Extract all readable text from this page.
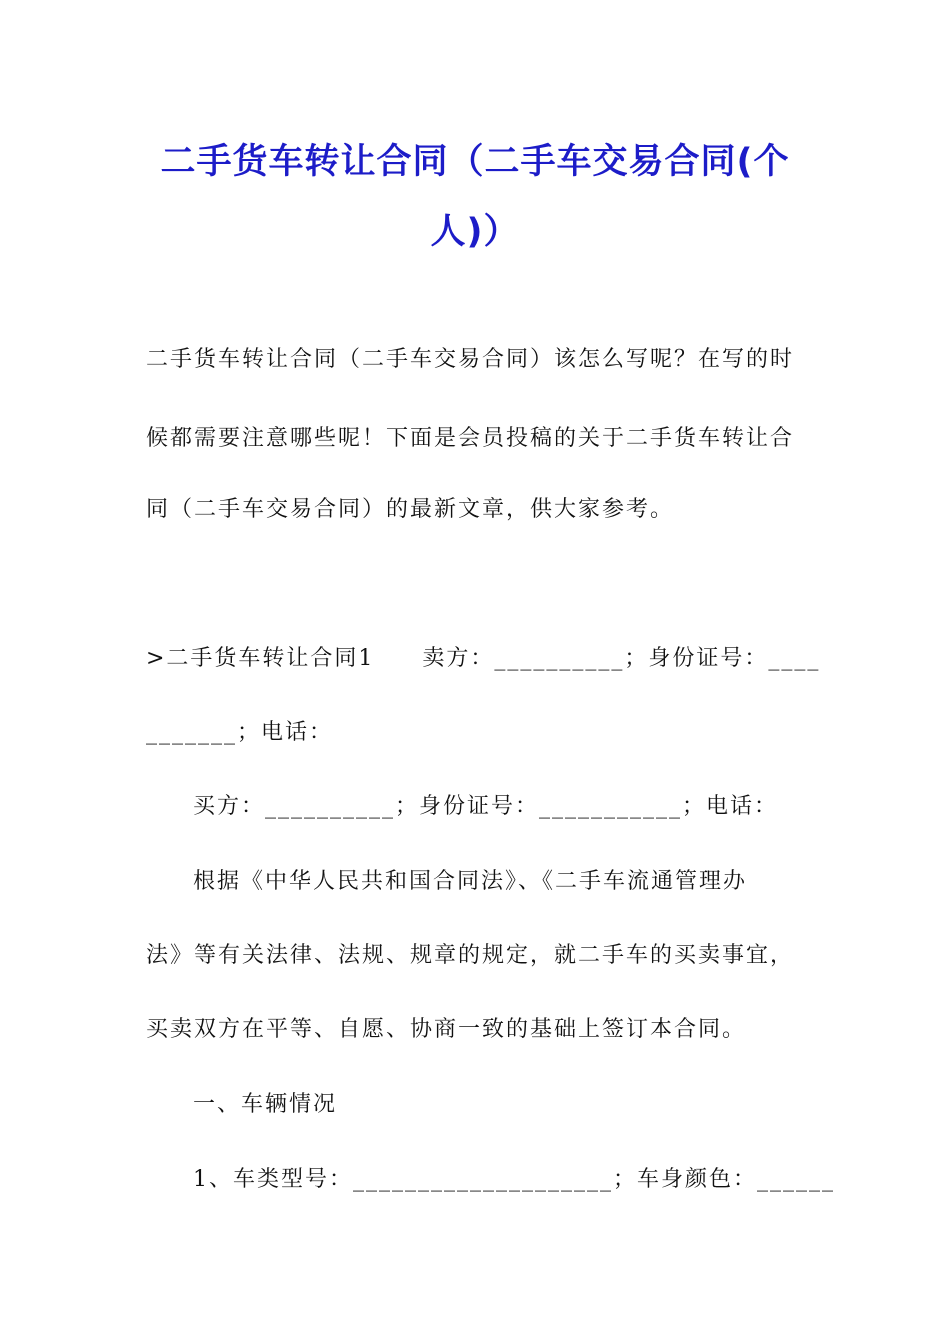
二手货车转让合同（二手车交易合同(个
人)）
二手货车转让合同（二手车交易合同）该怎么写呢？在写的时
候都需要注意哪些呢！下面是会员投稿的关于二手货车转让合
同（二手车交易合同）的最新文章，供大家参考。
>二手货车转让合同1　　卖方：__________；身份证号：____
_______；电话：
买方：__________；身份证号：___________；电话：
根据《中华人民共和国合同法》、《二手车流通管理办
法》等有关法律、法规、规章的规定，就二手车的买卖事宜，
买卖双方在平等、自愿、协商一致的基础上签订本合同。
一、车辆情况
1、车类型号：____________________；车身颜色：______
